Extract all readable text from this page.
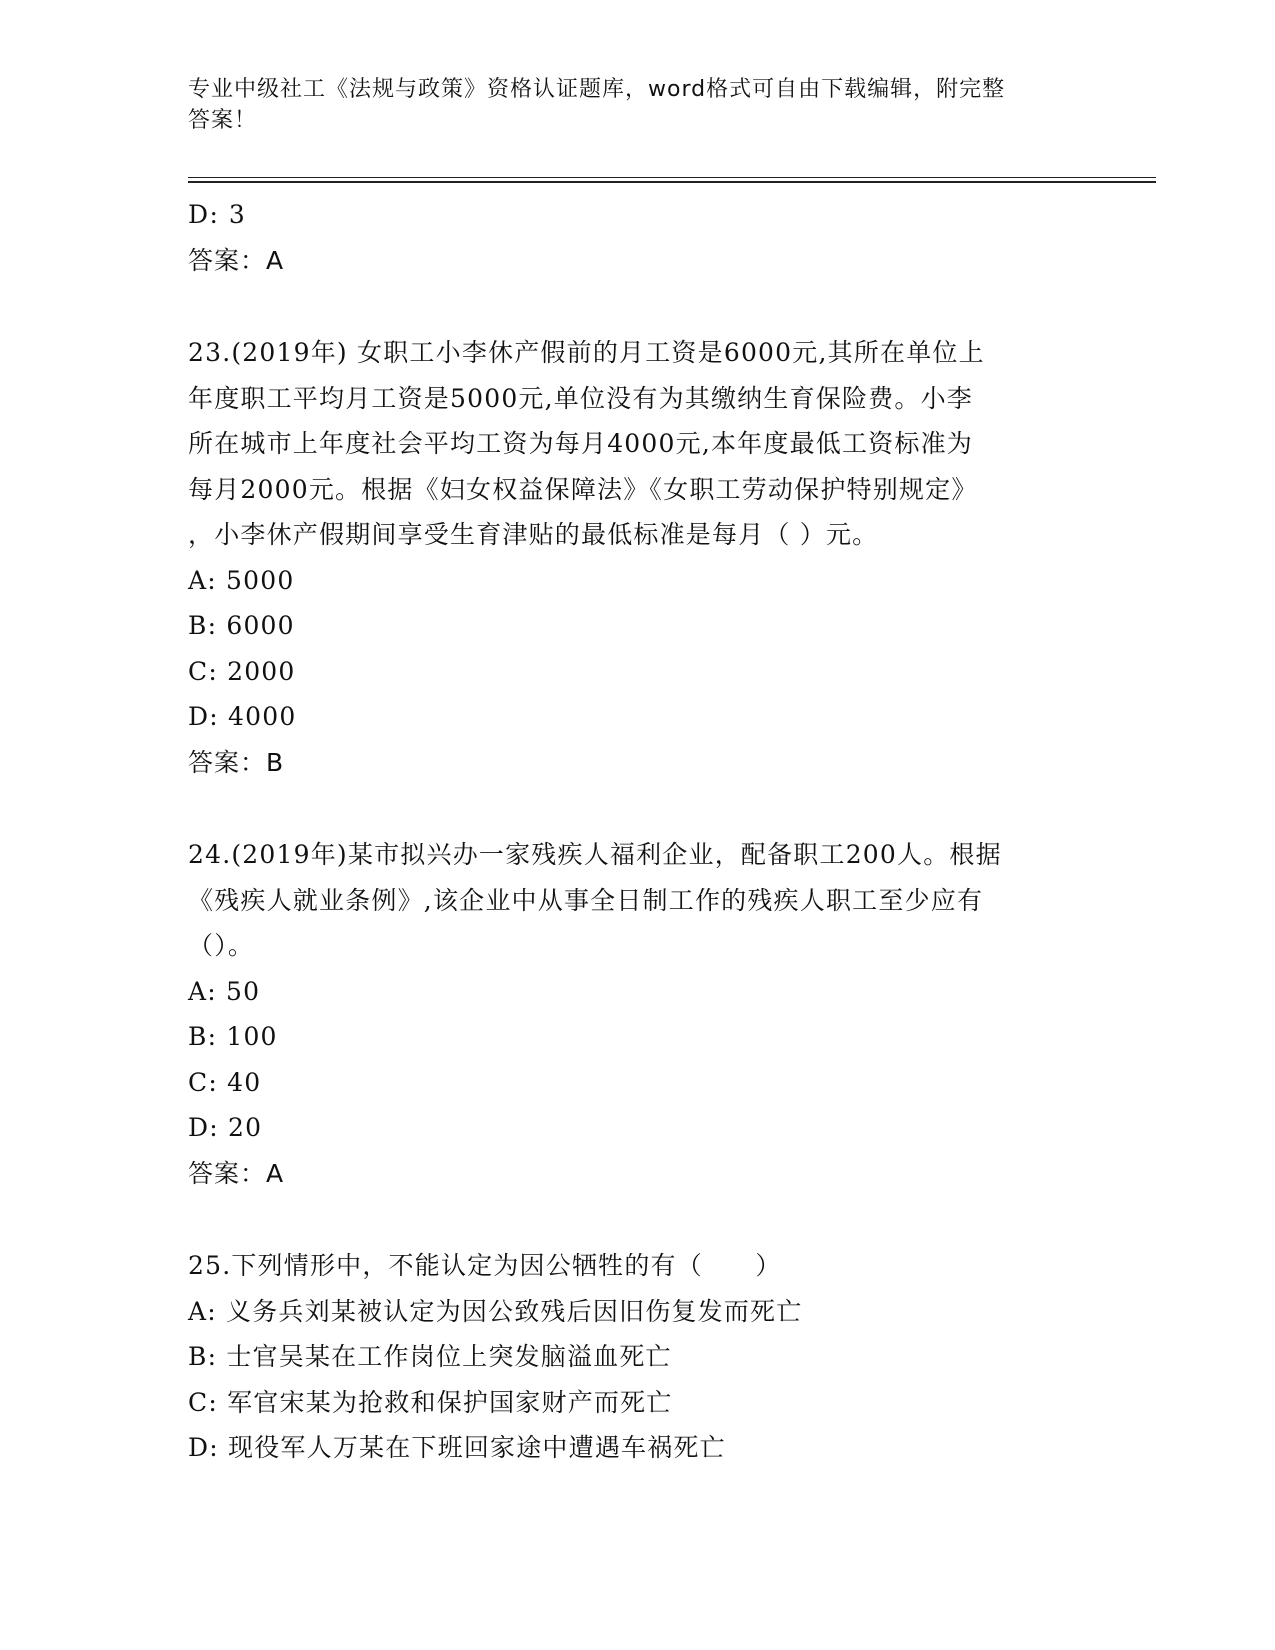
专业中级社工《法规与政策》资格认证题库，word格式可自由下载编辑，附完整
答案！
D: 3
答案：A
23.(2019年) 女职工小李休产假前的月工资是6000元,其所在单位上
年度职工平均月工资是5000元,单位没有为其缴纳生育保险费。小李
所在城市上年度社会平均工资为每月4000元,本年度最低工资标准为
每月2000元。根据《妇女权益保障法》《女职工劳动保护特别规定》
，小李休产假期间享受生育津贴的最低标准是每月（ ）元。
A: 5000
B: 6000
C: 2000
D: 4000
答案：B
24.(2019年)某市拟兴办一家残疾人福利企业，配备职工200人。根据
《残疾人就业条例》,该企业中从事全日制工作的残疾人职工至少应有
（）。
A: 50
B: 100
C: 40
D: 20
答案：A
25.下列情形中，不能认定为因公牺牲的有（　　）
A: 义务兵刘某被认定为因公致残后因旧伤复发而死亡
B: 士官吴某在工作岗位上突发脑溢血死亡
C: 军官宋某为抢救和保护国家财产而死亡
D: 现役军人万某在下班回家途中遭遇车祸死亡
